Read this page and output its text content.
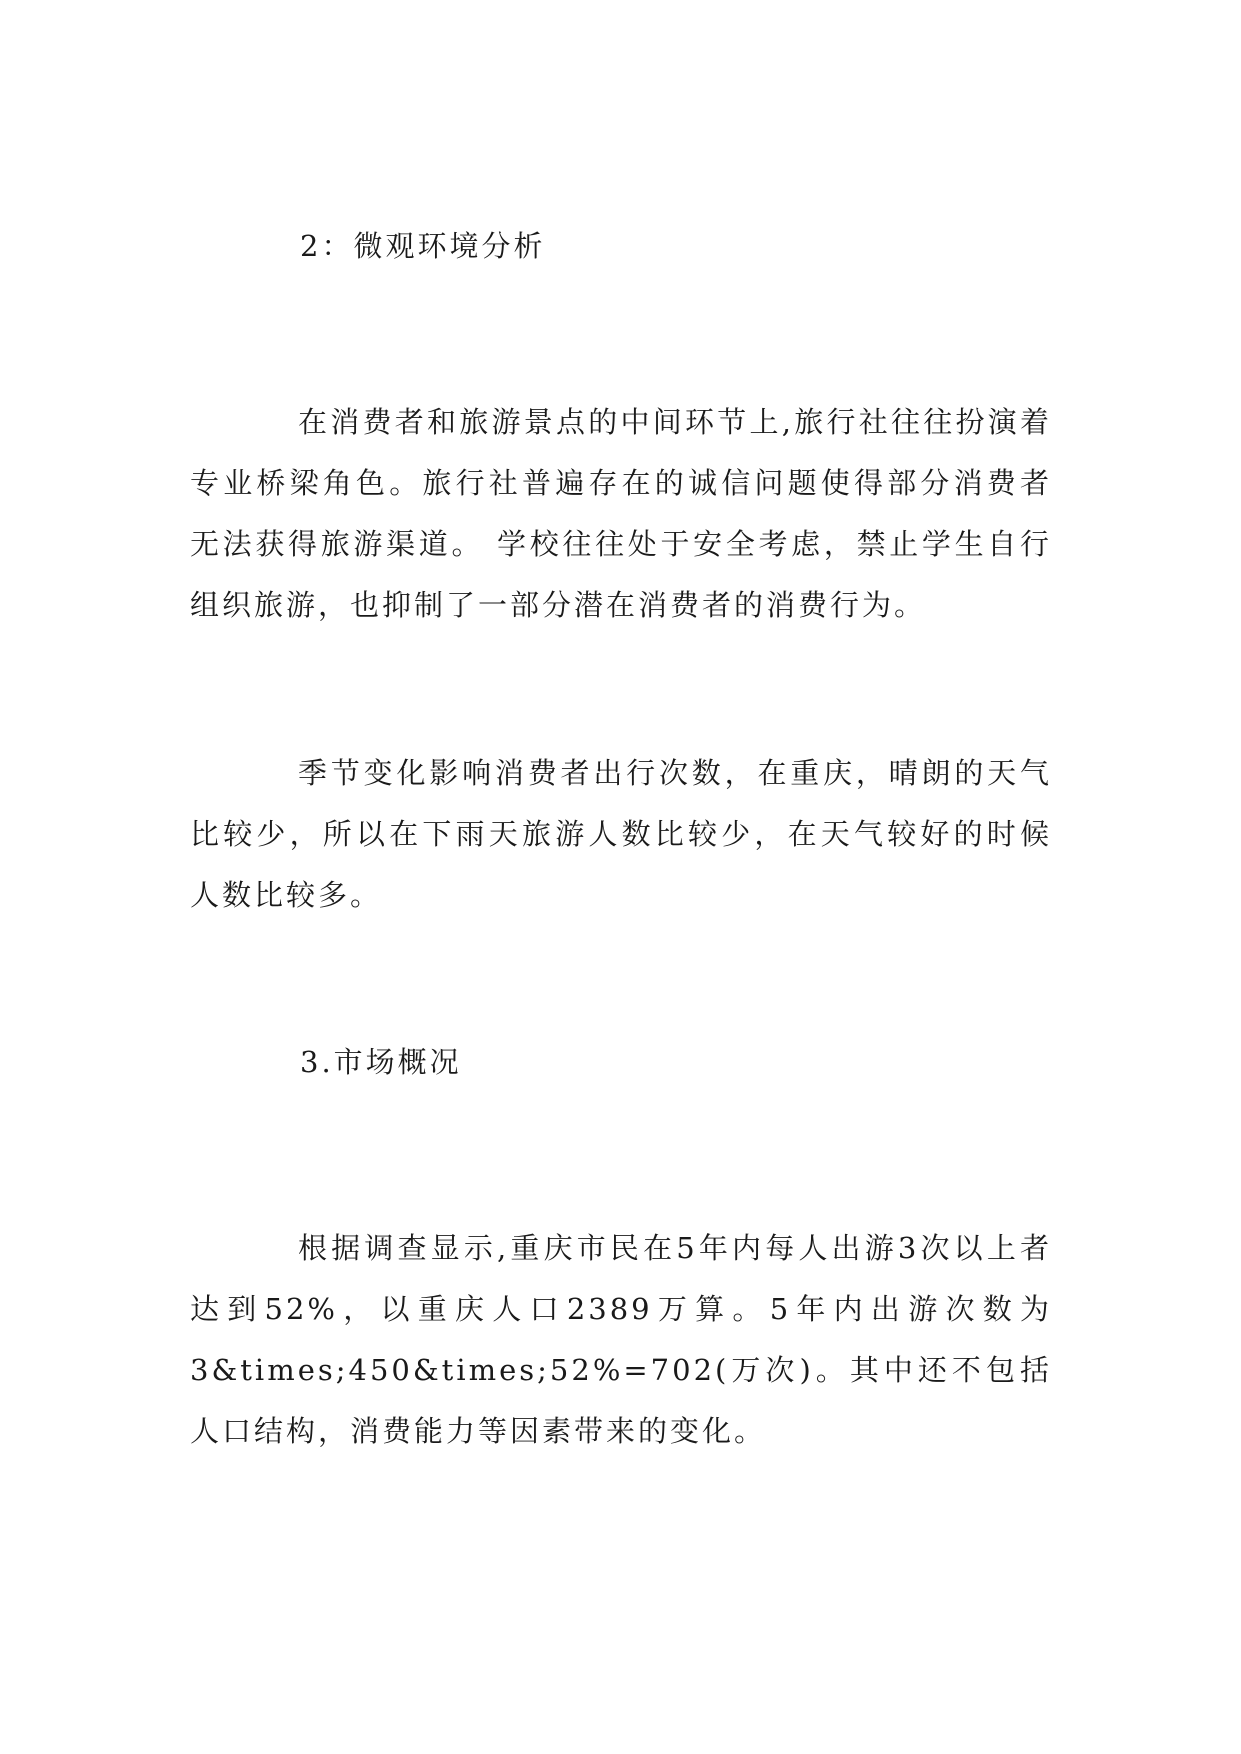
2：微观环境分析

在消费者和旅游景点的中间环节上,旅行社往往扮演着专业桥梁角色。旅行社普遍存在的诚信问题使得部分消费者无法获得旅游渠道。 学校往往处于安全考虑，禁止学生自行组织旅游，也抑制了一部分潜在消费者的消费行为。

季节变化影响消费者出行次数，在重庆，晴朗的天气比较少，所以在下雨天旅游人数比较少，在天气较好的时候人数比较多。

3.市场概况

根据调查显示,重庆市民在5年内每人出游3次以上者达到52%，以重庆人口2389万算。5年内出游次数为3&times;450&times;52%=702(万次)。其中还不包括人口结构，消费能力等因素带来的变化。
